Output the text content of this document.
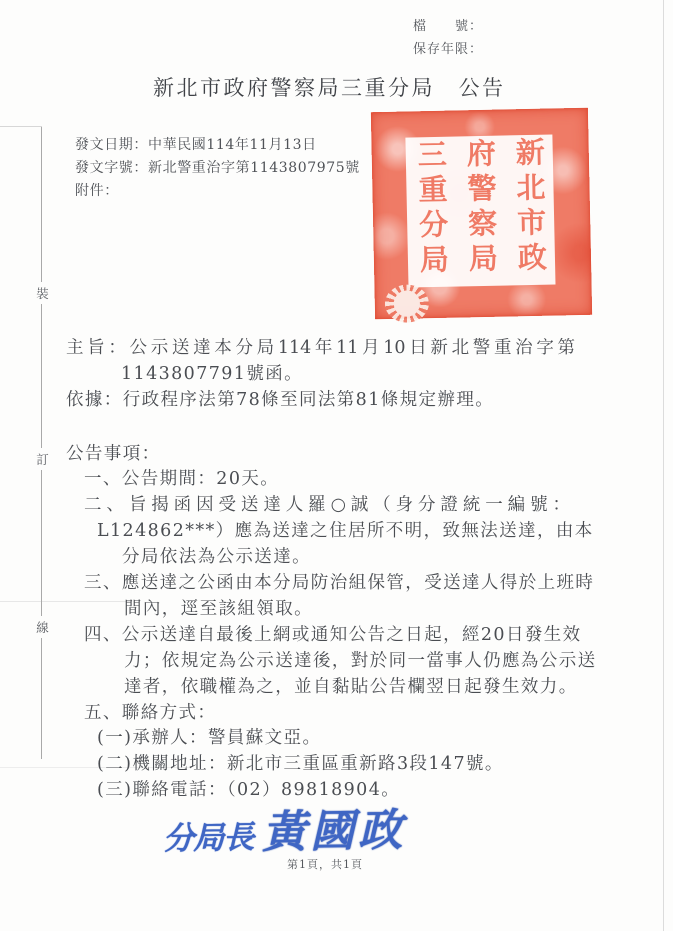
檔　　號：
保存年限：
新北市政府警察局三重分局　公告
發文日期：中華民國114年11月13日
發文字號：新北警重治字第1143807975號
附件：
裝
訂
線
新北市政府警察局三重分局
主旨：公示送達本分局114年11月10日新北警重治字第
1143807791號函。
依據：行政程序法第78條至同法第81條規定辦理。
公告事項：
一、公告期間：20天。
二、旨揭函因受送達人羅○誠（身分證統一編號：
L124862***）應為送達之住居所不明，致無法送達，由本
分局依法為公示送達。
三、應送達之公函由本分局防治組保管，受送達人得於上班時
間內，逕至該組領取。
四、公示送達自最後上網或通知公告之日起，經20日發生效
力；依規定為公示送達後，對於同一當事人仍應為公示送
達者，依職權為之，並自黏貼公告欄翌日起發生效力。
五、聯絡方式：
(一)承辦人：警員蘇文亞。
(二)機關地址：新北市三重區重新路3段147號。
(三)聯絡電話：（02）89818904。
分局長 黃國政
第1頁，共1頁
